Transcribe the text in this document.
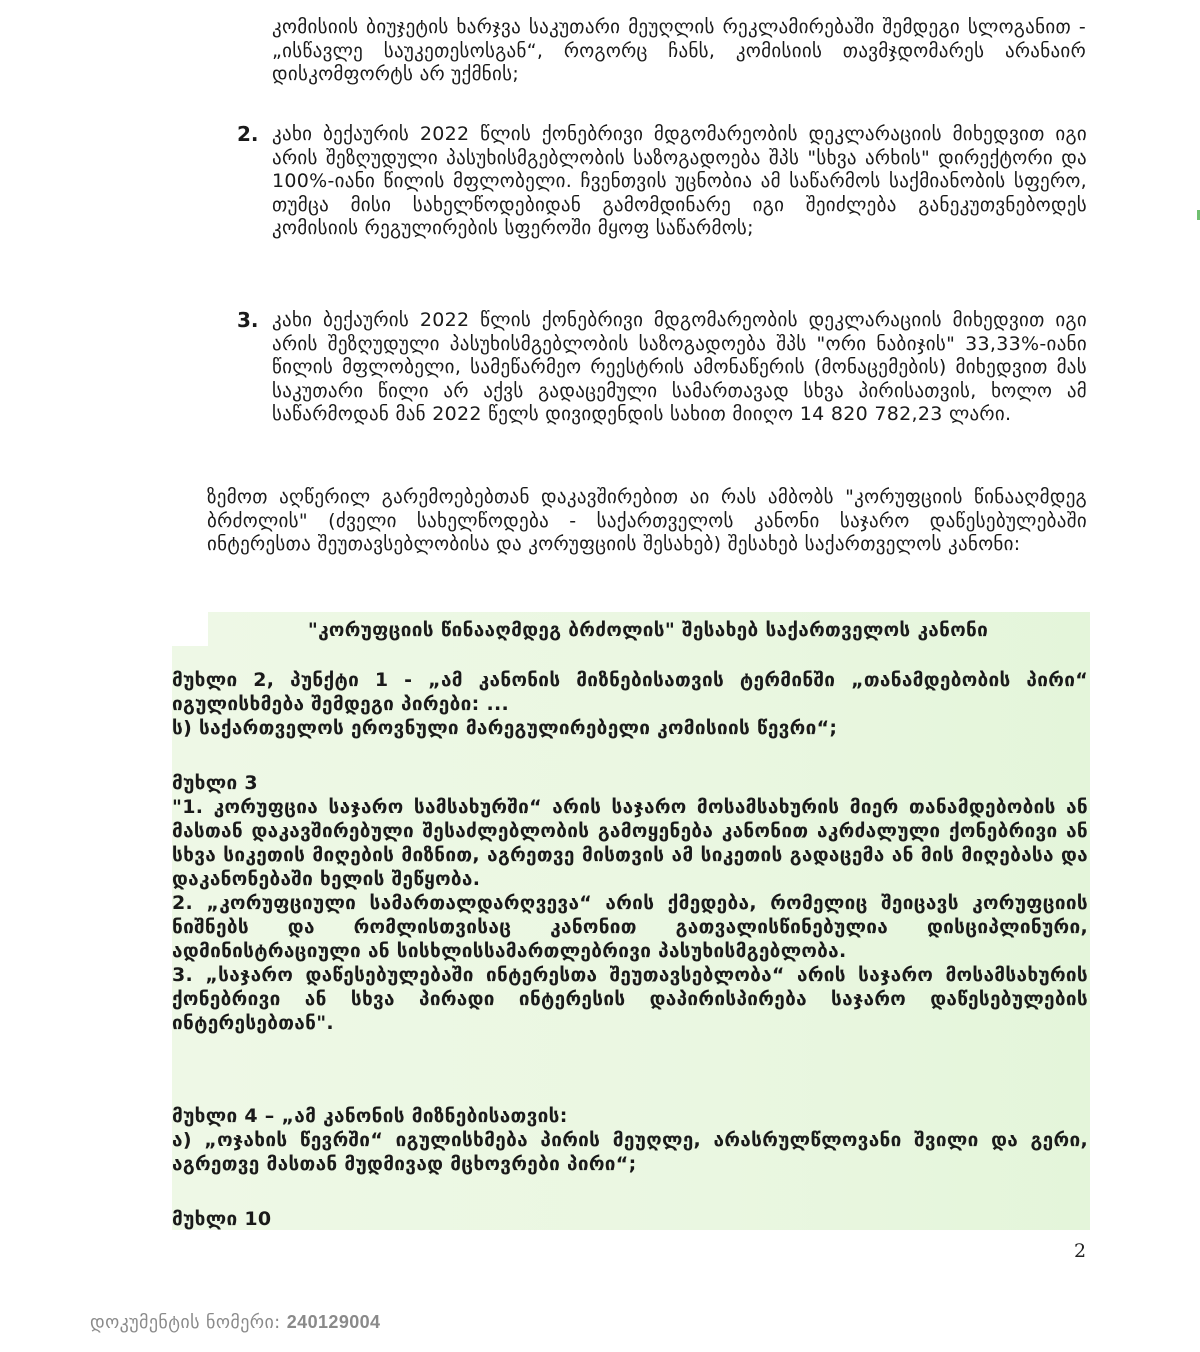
კომისიის ბიუჯეტის ხარჯვა საკუთარი მეუღლის რეკლამირებაში შემდეგი სლოგანით -„ისწავლე საუკეთესოსგან“, როგორც ჩანს, კომისიის თავმჯდომარეს არანაირ დისკომფორტს არ უქმნის;
2. კახი ბექაურის 2022 წლის ქონებრივი მდგომარეობის დეკლარაციის მიხედვით იგი არის შეზღუდული პასუხისმგებლობის საზოგადოება შპს "სხვა არხის" დირექტორი და 100%-იანი წილის მფლობელი. ჩვენთვის უცნობია ამ საწარმოს საქმიანობის სფერო, თუმცა მისი სახელწოდებიდან გამომდინარე იგი შეიძლება განეკუთვნებოდეს კომისიის რეგულირების სფეროში მყოფ საწარმოს;
3. კახი ბექაურის 2022 წლის ქონებრივი მდგომარეობის დეკლარაციის მიხედვით იგი არის შეზღუდული პასუხისმგებლობის საზოგადოება შპს "ორი ნაბიჯის" 33,33%-იანი წილის მფლობელი, სამეწარმეო რეესტრის ამონაწერის (მონაცემების) მიხედვით მას საკუთარი წილი არ აქვს გადაცემული სამართავად სხვა პირისათვის, ხოლო ამ საწარმოდან მან 2022 წელს დივიდენდის სახით მიიღო 14 820 782,23 ლარი.
ზემოთ აღწერილ გარემოებებთან დაკავშირებით აი რას ამბობს "კორუფციის წინააღმდეგ ბრძოლის" (ძველი სახელწოდება - საქართველოს კანონი საჯარო დაწესებულებაში ინტერესთა შეუთავსებლობისა და კორუფციის შესახებ) შესახებ საქართველოს კანონი:
"კორუფციის წინააღმდეგ ბრძოლის" შესახებ საქართველოს კანონი

მუხლი 2, პუნქტი 1 - „ამ კანონის მიზნებისათვის ტერმინში „თანამდებობის პირი“ იგულისხმება შემდეგი პირები: ...

ს) საქართველოს ეროვნული მარეგულირებელი კომისიის წევრი“;

მუხლი 3

"1. კორუფცია საჯარო სამსახურში“ არის საჯარო მოსამსახურის მიერ თანამდებობის ან მასთან დაკავშირებული შესაძლებლობის გამოყენება კანონით აკრძალული ქონებრივი ან სხვა სიკეთის მიღების მიზნით, აგრეთვე მისთვის ამ სიკეთის გადაცემა ან მის მიღებასა და დაკანონებაში ხელის შეწყობა.

2. „კორუფციული სამართალდარღვევა“ არის ქმედება, რომელიც შეიცავს კორუფციის ნიშნებს და რომლისთვისაც კანონით გათვალისწინებულია დისციპლინური, ადმინისტრაციული ან სისხლისსამართლებრივი პასუხისმგებლობა.

3. „საჯარო დაწესებულებაში ინტერესთა შეუთავსებლობა“ არის საჯარო მოსამსახურის ქონებრივი ან სხვა პირადი ინტერესის დაპირისპირება საჯარო დაწესებულების ინტერესებთან".

მუხლი 4 – „ამ კანონის მიზნებისათვის:

ა) „ოჯახის წევრში“ იგულისხმება პირის მეუღლე, არასრულწლოვანი შვილი და გერი, აგრეთვე მასთან მუდმივად მცხოვრები პირი“;

მუხლი 10

2
დოკუმენტის ნომერი: 240129004
